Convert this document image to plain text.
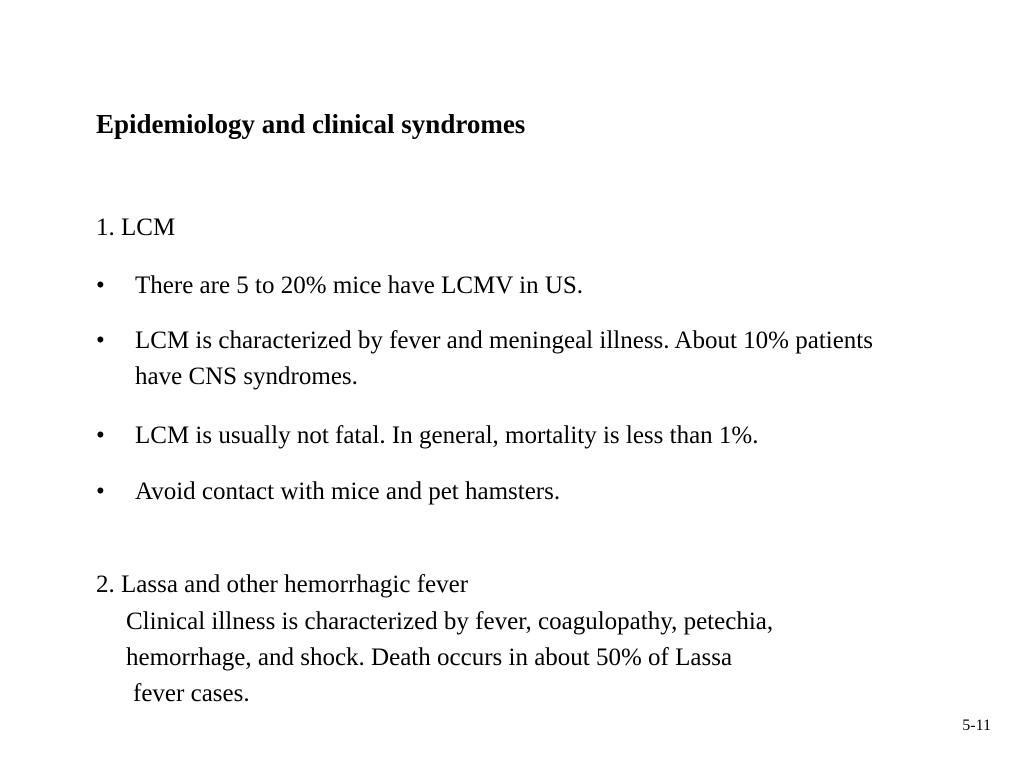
Epidemiology and clinical syndromes
1. LCM
•	There are 5 to 20% mice have LCMV in US.
•	LCM is characterized by fever and meningeal illness. About 10% patients have CNS syndromes.
•	LCM is usually not fatal. In general, mortality is less than 1%.
•	Avoid contact with mice and pet hamsters.
2. Lassa and other hemorrhagic fever
Clinical illness is characterized by fever, coagulopathy, petechia,
hemorrhage, and shock. Death occurs in about 50% of Lassa
fever cases.
5-11
